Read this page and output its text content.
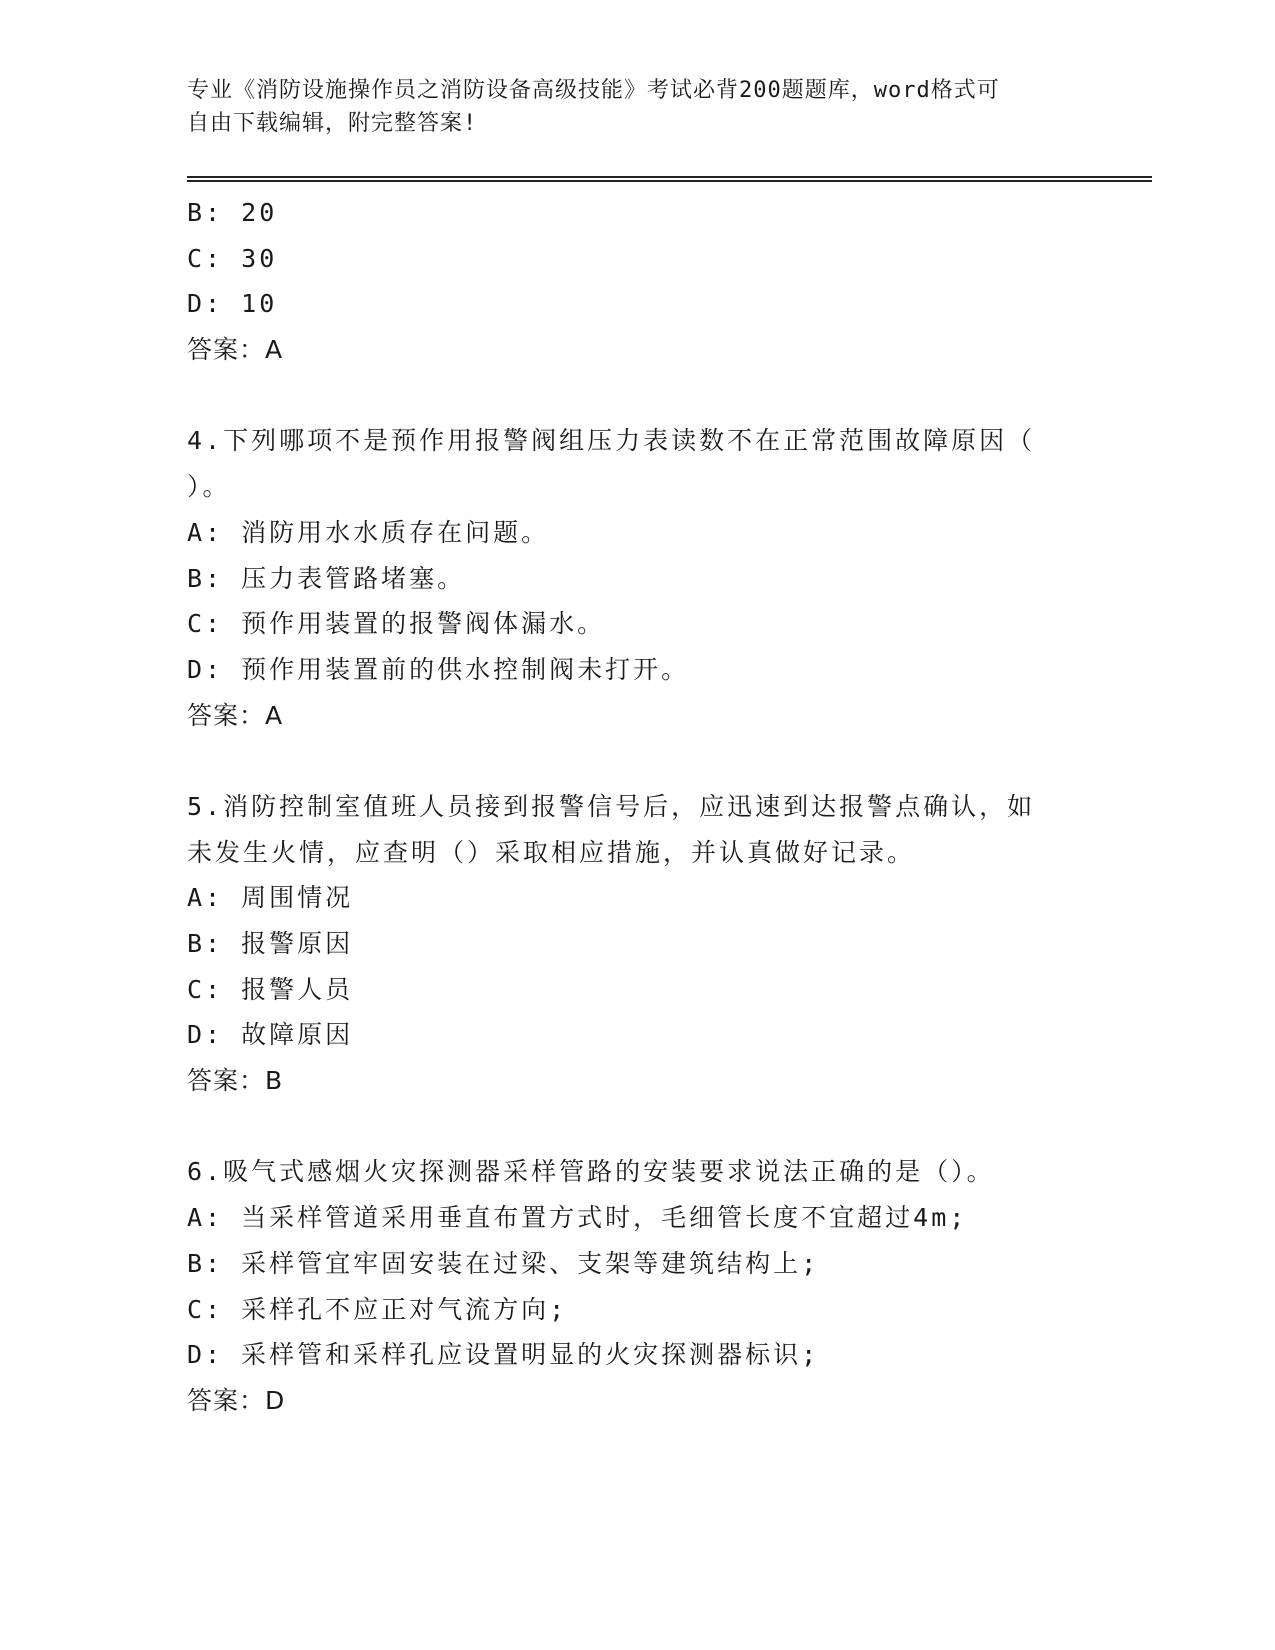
专业《消防设施操作员之消防设备高级技能》考试必背200题题库，word格式可
自由下载编辑，附完整答案!
B: 20
C: 30
D: 10
答案：A
4.下列哪项不是预作用报警阀组压力表读数不在正常范围故障原因（
）。
A: 消防用水水质存在问题。
B: 压力表管路堵塞。
C: 预作用装置的报警阀体漏水。
D: 预作用装置前的供水控制阀未打开。
答案：A
5.消防控制室值班人员接到报警信号后，应迅速到达报警点确认，如
未发生火情，应查明（）采取相应措施，并认真做好记录。
A: 周围情况
B: 报警原因
C: 报警人员
D: 故障原因
答案：B
6.吸气式感烟火灾探测器采样管路的安装要求说法正确的是（）。
A: 当采样管道采用垂直布置方式时，毛细管长度不宜超过4m;
B: 采样管宜牢固安装在过梁、支架等建筑结构上;
C: 采样孔不应正对气流方向;
D: 采样管和采样孔应设置明显的火灾探测器标识;
答案：D
